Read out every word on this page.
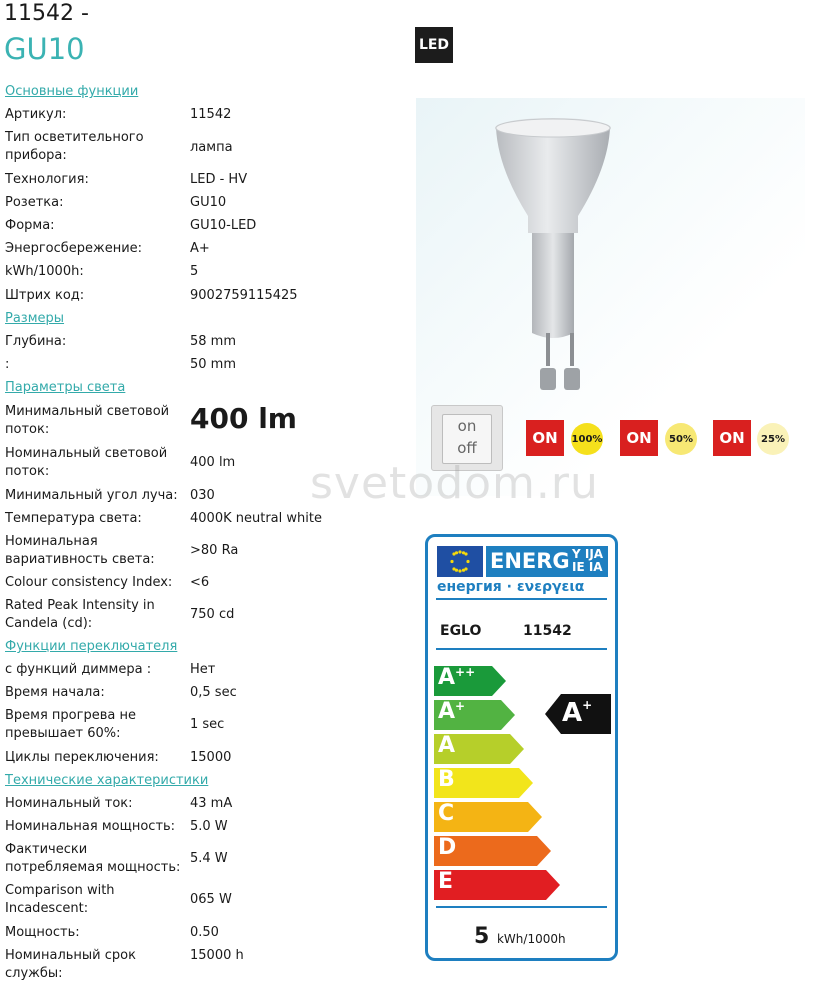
11542 -
GU10	LED
Основные функции
Артикул:	11542
Тип осветительного прибора:
лампа
Технология:	LED - HV
Розетка:	GU10
Форма:	GU10-LED
Энергосбережение:	A+
kWh/1000h:	5
Штрих код:	9002759115425
Размеры
Глубина:	58 mm
:	50 mm
Параметры света
Минимальный световой поток:	400 lm
Номинальный световой поток:
400 lm
Минимальный угол луча: 030
Температура света:	4000K neutral white
Номинальная вариативность света:
>80 Ra
Colour consistency Index:	<6
Rated Peak Intensity in Candela (cd):
750 cd
Функции переключателя
с функций диммера :	Нет
Время начала:	0,5 sec
Время прогрева не превышает 60%:
1 sec
Циклы переключения:	15000
Технические характеристики
Номинальный ток:	43 mA
Номинальная мощность:	5.0 W
Фактически потребляемая мощность:
5.4 W
Comparison with Incadescent:
065 W
Мощность:	0.50
Номинальный срок службы:
15000 h
on
off
ON	100%	ON	50%	ON	25%
svetodom.ru
ENERG Y IJA
IE IA
енергия · ενεργεια
EGLO	11542
A++
A+
A
B
C
D
E
A+
5 kWh/1000h
